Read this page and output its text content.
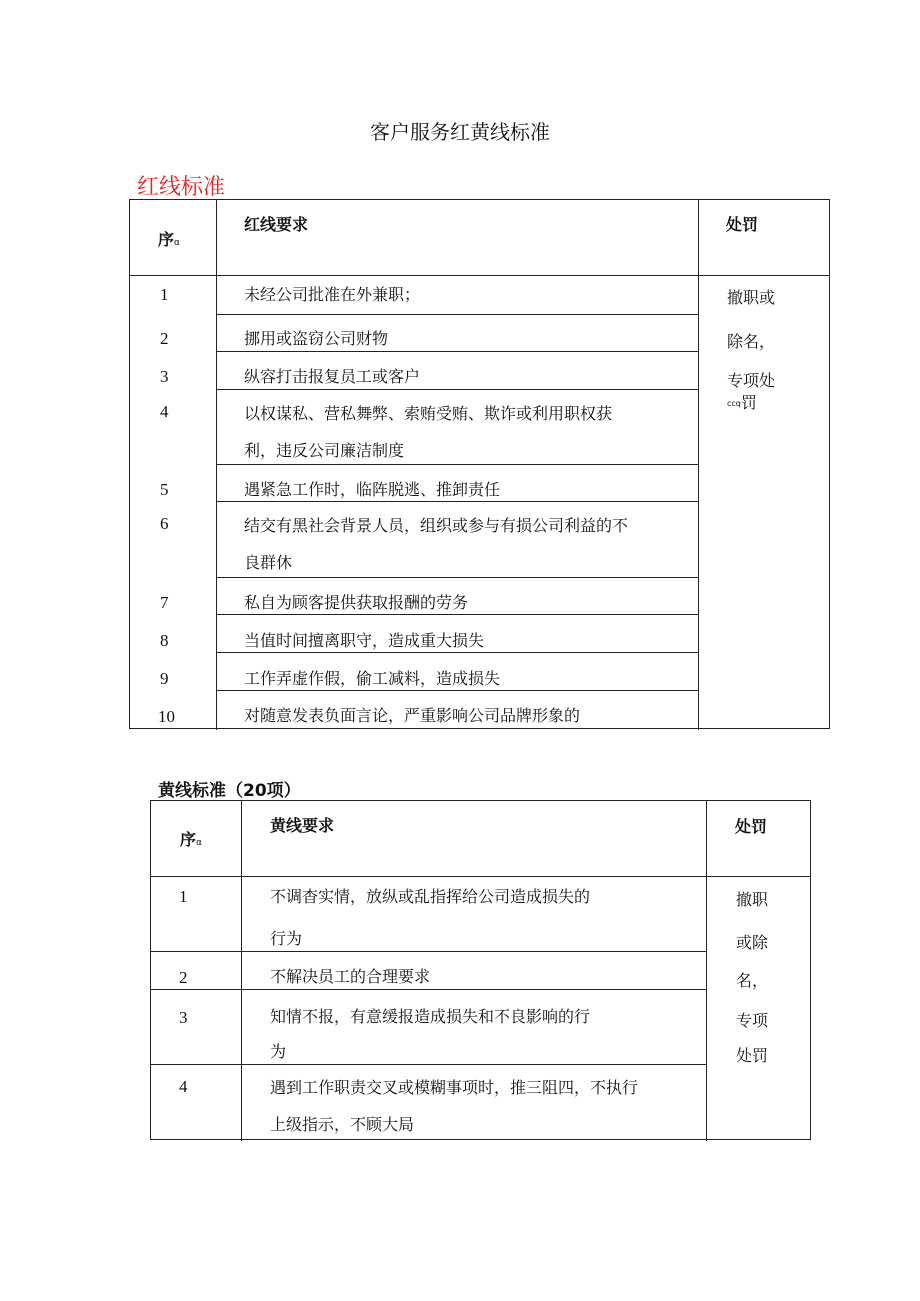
客户服务红黄线标准
红线标准
序α
红线要求	处罚
1	未经公司批准在外兼职；
2	挪用或盗窃公司财物
3	纵容打击报复员工或客户
4	以权谋私、营私舞弊、索贿受贿、欺诈或利用职权获
利，违反公司廉洁制度
5	遇紧急工作时，临阵脱逃、推卸责任
6	结交有黑社会背景人员，组织或参与有损公司利益的不
良群休
7	私自为顾客提供获取报酬的劳务
8	当值时间擅离职守，造成重大损失
9	工作弄虚作假，偷工减料，造成损失
10	对随意发表负面言论，严重影响公司品牌形象的
撤职或
除名，
专项处
ccq罚
黄线标准（20项）
序α
黄线要求	处罚
1	不调杳实情，放纵或乱指挥给公司造成损失的
行为
2	不解决员工的合理要求
3	知情不报，有意缓报造成损失和不良影响的行
为
4	遇到工作职责交叉或模糊事项时，推三阻四，不执行
上级指示，不顾大局
撤职
或除
名，
专项
处罚
